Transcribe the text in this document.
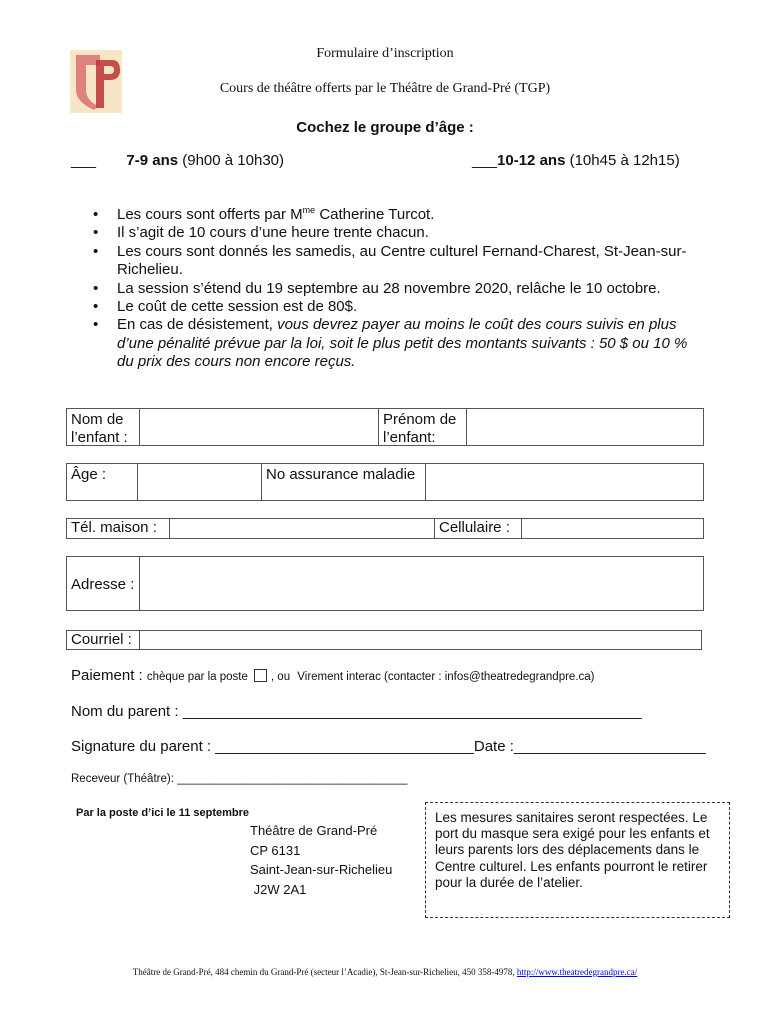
Formulaire d’inscription
Cours de théâtre offerts par le Théâtre de Grand-Pré (TGP)
Cochez le groupe d’âge :
___ 7-9 ans (9h00 à 10h30)	___10-12 ans (10h45 à 12h15)
• Les cours sont offerts par $M^{me}$ Catherine Turcot.
• Il s’agit de 10 cours d’une heure trente chacun.
• Les cours sont donnés les samedis, au Centre culturel Fernand-Charest, St-Jean-sur-Richelieu.
• La session s’étend du 19 septembre au 28 novembre 2020, relâche le 10 octobre.
• Le coût de cette session est de 80$.
• En cas de désistement, vous devrez payer au moins le coût des cours suivis en plus d’une pénalité prévue par la loi, soit le plus petit des montants suivants : 50 $ ou 10 % du prix des cours non encore reçus.
Nom de l’enfant :
Prénom de l’enfant:
Âge :	No assurance maladie
Tél. maison :	Cellulaire :
Adresse :
Courriel :
Paiement : chèque par la poste , ou Virement interac (contacter : infos@theatredegrandpre.ca)
Nom du parent : _______________________________________________________
Signature du parent : _______________________________Date :_______________________
Receveur (Théâtre): ____________________________________
Par la poste d’ici le 11 septembre
Théâtre de Grand-Pré
CP 6131
Saint-Jean-sur-Richelieu
J2W 2A1
Les mesures sanitaires seront respectées. Le port du masque sera exigé pour les enfants et leurs parents lors des déplacements dans le Centre culturel. Les enfants pourront le retirer pour la durée de l’atelier.
Théâtre de Grand-Pré, 484 chemin du Grand-Pré (secteur l’Acadie), St-Jean-sur-Richelieu, 450 358-4978, http://www.theatredegrandpre.ca/
